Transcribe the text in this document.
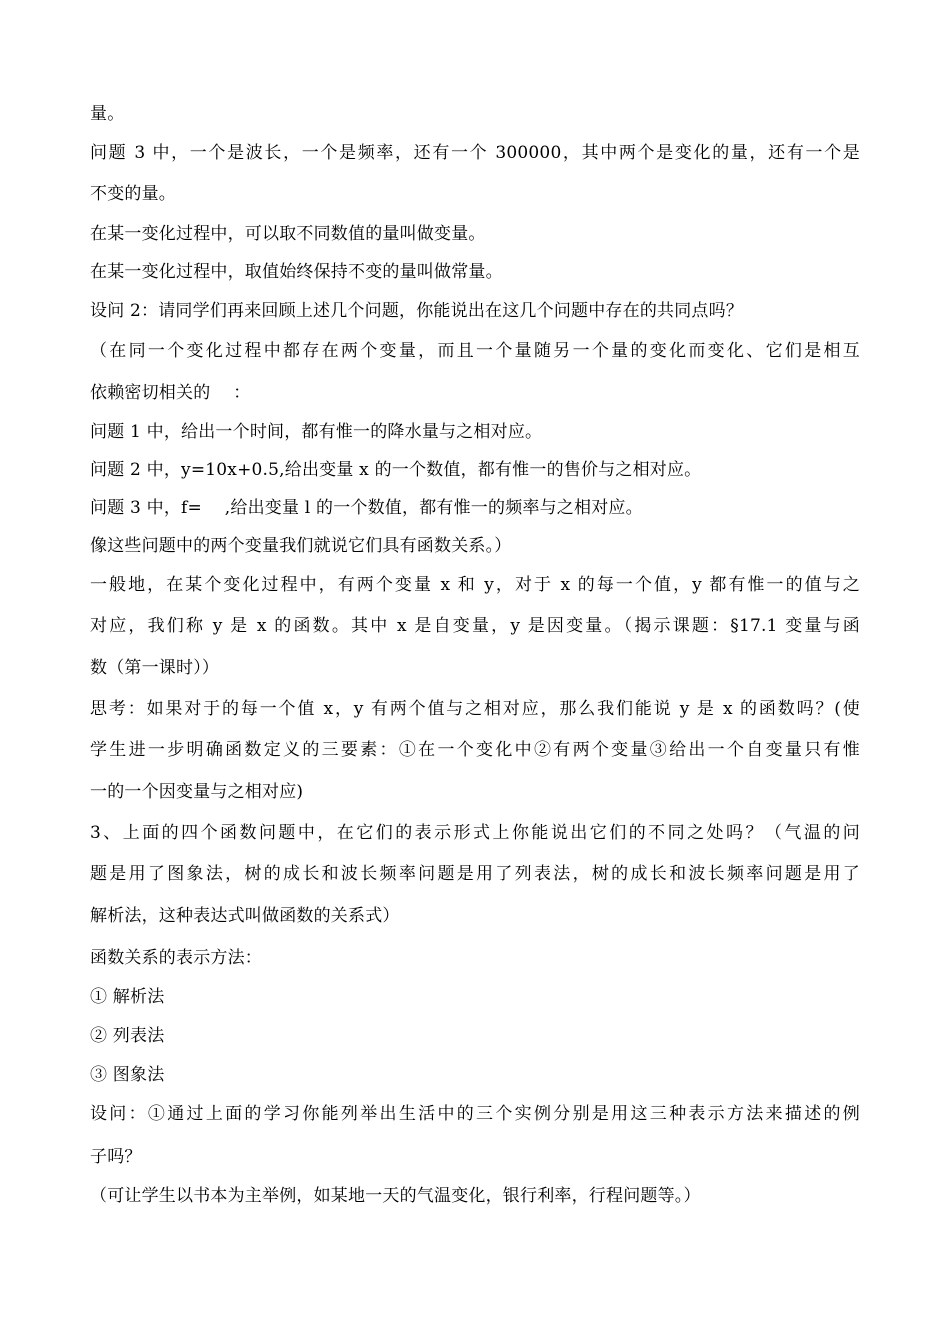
量。
问题 3 中，一个是波长，一个是频率，还有一个 300000，其中两个是变化的量，还有一个是
不变的量。
在某一变化过程中，可以取不同数值的量叫做变量。
在某一变化过程中，取值始终保持不变的量叫做常量。
设问 2：请同学们再来回顾上述几个问题，你能说出在这几个问题中存在的共同点吗？
（在同一个变化过程中都存在两个变量，而且一个量随另一个量的变化而变化、它们是相互
依赖密切相关的　 ：
问题 1 中，给出一个时间，都有惟一的降水量与之相对应。
问题 2 中，y=10x+0.5,给出变量 x 的一个数值，都有惟一的售价与之相对应。
问题 3 中，f=　 ,给出变量 l 的一个数值，都有惟一的频率与之相对应。
像这些问题中的两个变量我们就说它们具有函数关系。）
一般地，在某个变化过程中，有两个变量 x 和 y，对于 x 的每一个值，y 都有惟一的值与之
对应，我们称 y 是 x 的函数。其中 x 是自变量，y 是因变量。（揭示课题：§17.1 变量与函
数（第一课时））
思考：如果对于的每一个值 x，y 有两个值与之相对应，那么我们能说 y 是 x 的函数吗？(使
学生进一步明确函数定义的三要素：①在一个变化中②有两个变量③给出一个自变量只有惟
一的一个因变量与之相对应)
3、上面的四个函数问题中，在它们的表示形式上你能说出它们的不同之处吗？（气温的问
题是用了图象法，树的成长和波长频率问题是用了列表法，树的成长和波长频率问题是用了
解析法，这种表达式叫做函数的关系式）
函数关系的表示方法：
① 解析法
② 列表法
③ 图象法
设问：①通过上面的学习你能列举出生活中的三个实例分别是用这三种表示方法来描述的例
子吗？
（可让学生以书本为主举例，如某地一天的气温变化，银行利率，行程问题等。）
